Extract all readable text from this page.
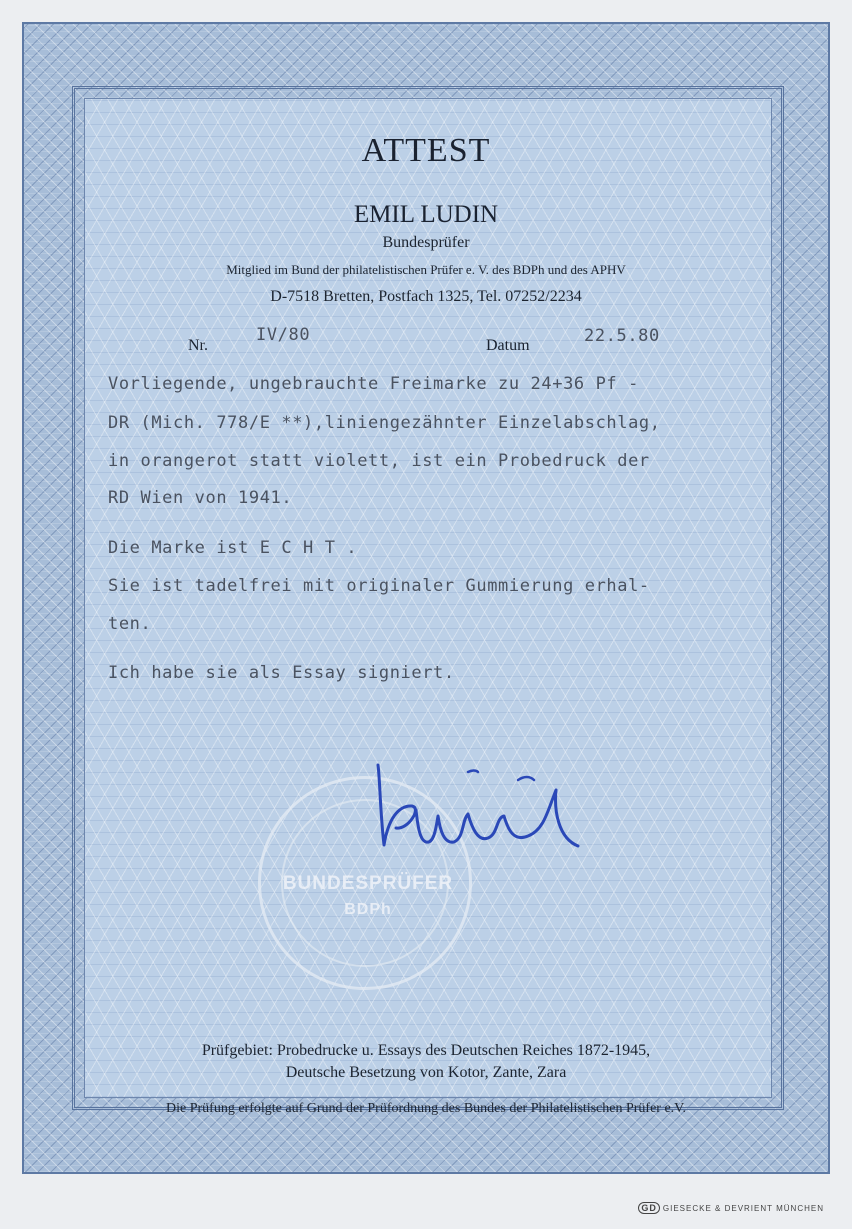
ATTEST
EMIL LUDIN
Bundesprüfer
Mitglied im Bund der philatelistischen Prüfer e. V. des BDPh und des APHV
D-7518 Bretten, Postfach 1325, Tel. 07252/2234
Nr.
IV/80
Datum	22.5.80
Vorliegende, ungebrauchte Freimarke zu 24+36 Pf -
DR (Mich. 778/E **),liniengezähnter Einzelabschlag,
in orangerot statt violett, ist ein Probedruck der
RD Wien von 1941.
Die Marke ist E C H T .
Sie ist tadelfrei mit originaler Gummierung erhal-
ten.
Ich habe sie als Essay signiert.
BUNDESPRÜFER
BDPh
Prüfgebiet: Probedrucke u. Essays des Deutschen Reiches 1872-1945,
Deutsche Besetzung von Kotor, Zante, Zara
Die Prüfung erfolgte auf Grund der Prüfordnung des Bundes der Philatelistischen Prüfer e.V.
GD GIESECKE & DEVRIENT MÜNCHEN
